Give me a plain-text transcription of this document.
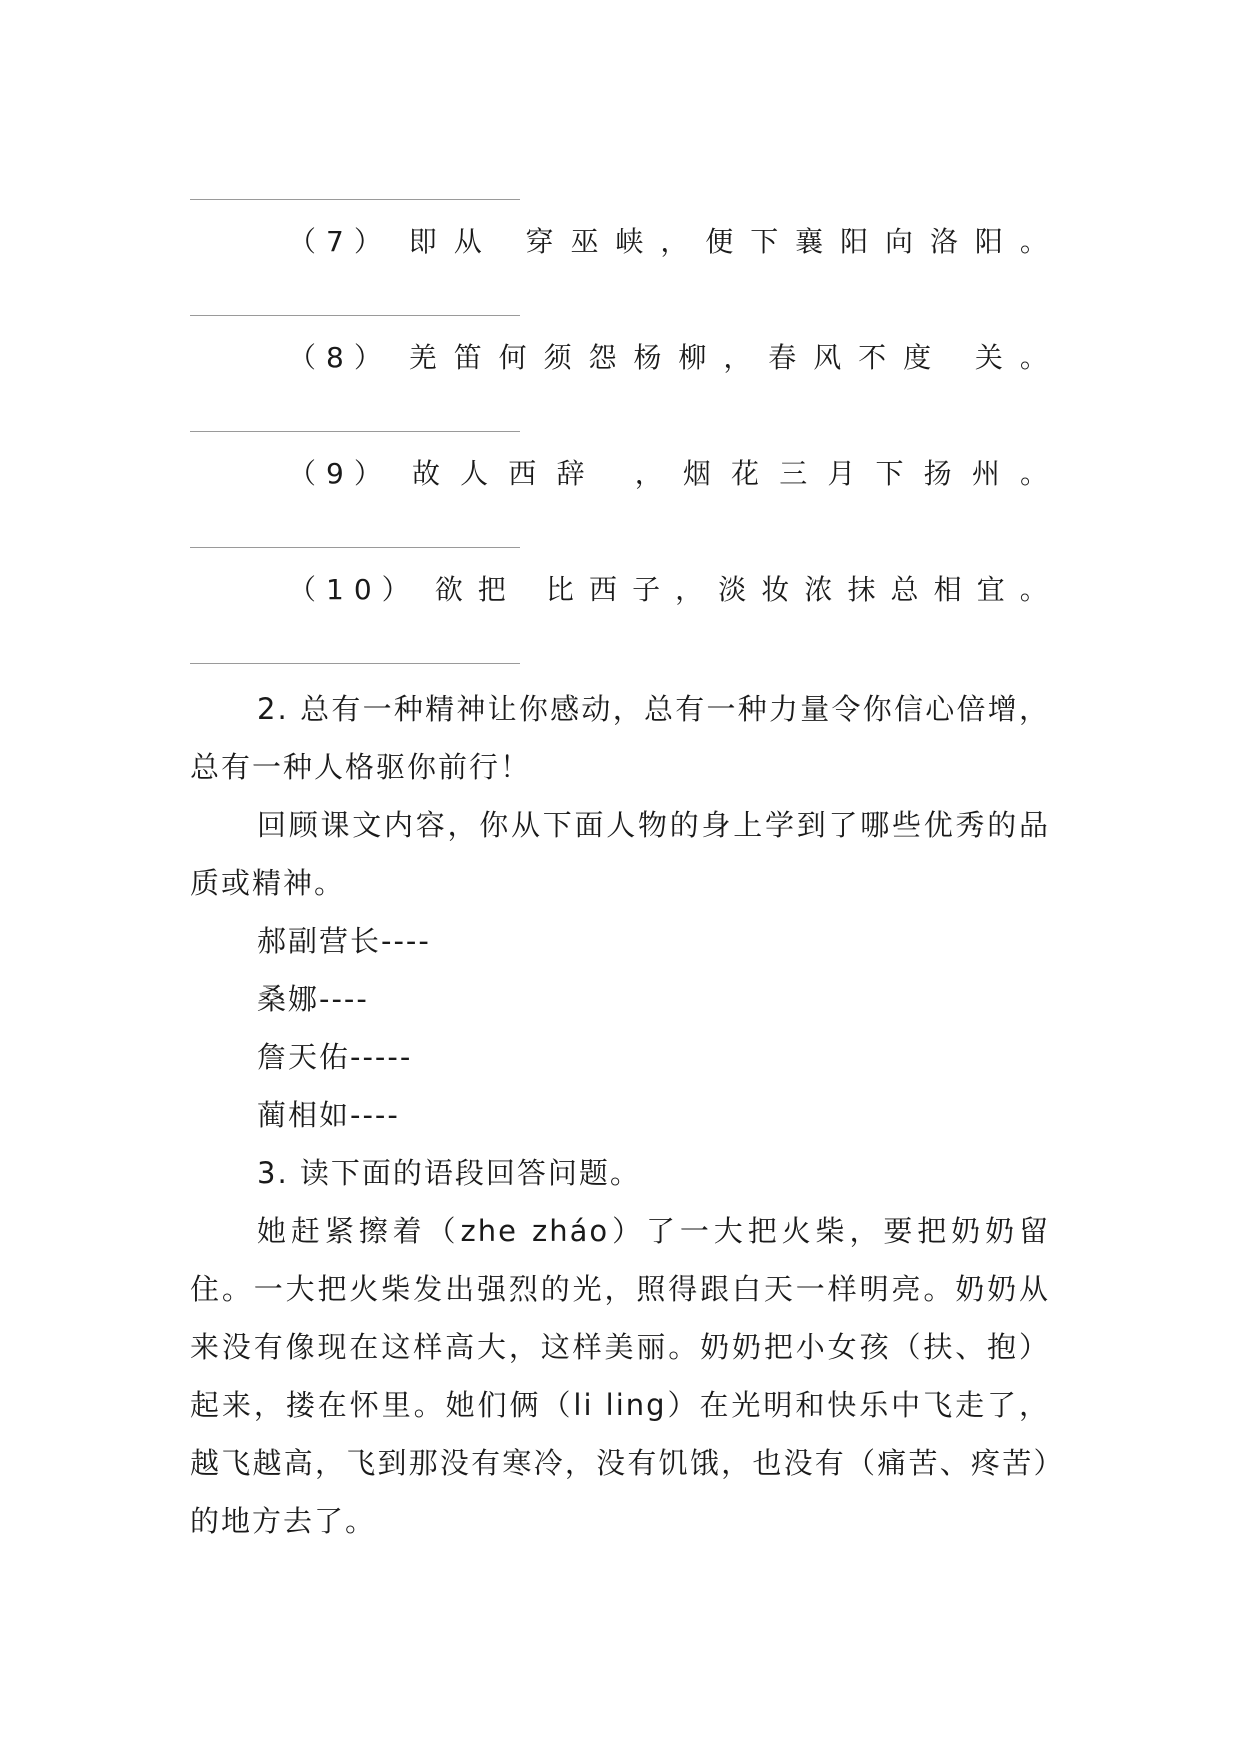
（7） 即 从 穿 巫 峡 ， 便 下 襄 阳 向 洛 阳 。
（8） 羌 笛 何 须 怨 杨 柳 ， 春 风 不 度 关 。
（9） 故 人 西 辞 ， 烟 花 三 月 下 扬 州 。
（10） 欲 把 比 西 子 ， 淡 妆 浓 抹 总 相 宜 。

2. 总有一种精神让你感动，总有一种力量令你信心倍增，总有一种人格驱你前行！

回顾课文内容，你从下面人物的身上学到了哪些优秀的品质或精神。

郝副营长----

桑娜----

詹天佑-----

蔺相如----

3. 读下面的语段回答问题。

她赶紧擦着（zhe zháo）了一大把火柴，要把奶奶留住。一大把火柴发出强烈的光，照得跟白天一样明亮。奶奶从来没有像现在这样高大，这样美丽。奶奶把小女孩（扶、抱）起来，搂在怀里。她们俩（li ling）在光明和快乐中飞走了，越飞越高，飞到那没有寒冷，没有饥饿，也没有（痛苦、疼苦）的地方去了。
